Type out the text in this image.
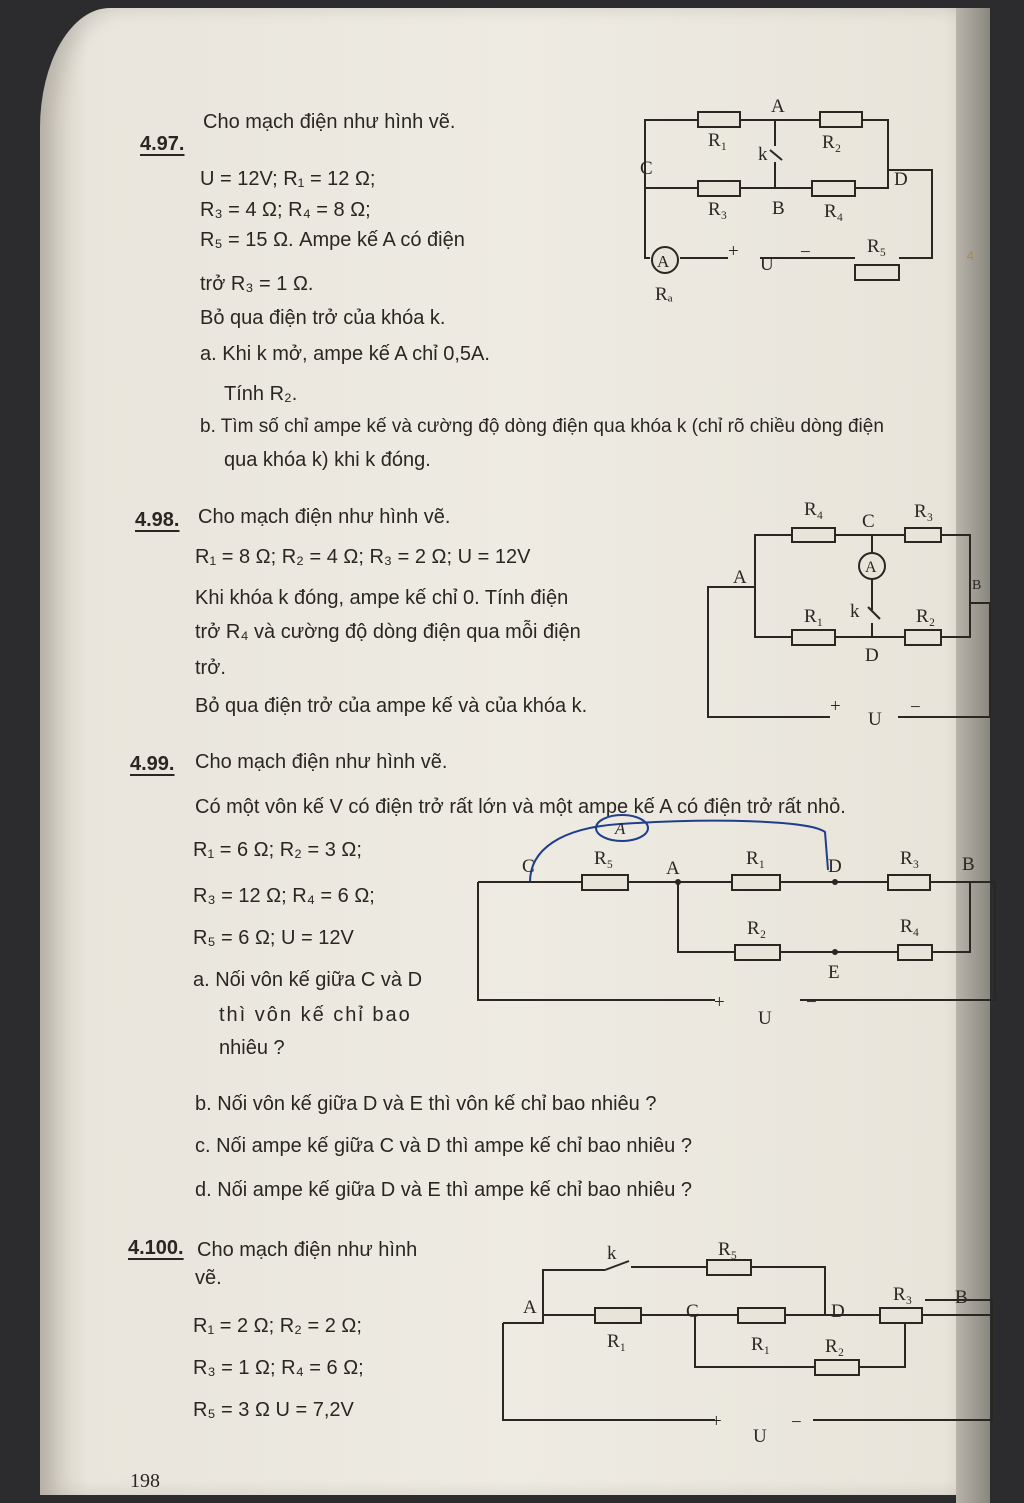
4
4.97.
Cho mạch điện như hình vẽ.
U = 12V; R₁ = 12 Ω;
R₃ = 4 Ω; R₄ = 8 Ω;
R₅ = 15 Ω. Ampe kế A có điện
trở R₃ = 1 Ω.
Bỏ qua điện trở của khóa k.
a. Khi k mở, ampe kế A chỉ 0,5A.
Tính R₂.
b. Tìm số chỉ ampe kế và cường độ dòng điện qua khóa k (chỉ rõ chiều dòng điện
qua khóa k) khi k đóng.
A
R₁
k
R₂
C
D
R₃ B R₄
R₅
A	+
U
−
Rₐ
4.98. Cho mạch điện như hình vẽ.
R₁ = 8 Ω; R₂ = 4 Ω; R₃ = 2 Ω; U = 12V
Khi khóa k đóng, ampe kế chỉ 0. Tính điện
trở R₄ và cường độ dòng điện qua mỗi điện
trở.
Bỏ qua điện trở của ampe kế và của khóa k.
R₄
C R₃
A	A
B
R₁ k	R₂
D
+
U
−
4.99. Cho mạch điện như hình vẽ.
Có một vôn kế V có điện trở rất lớn và một ampe kế A có điện trở rất nhỏ.
R₁ = 6 Ω; R₂ = 3 Ω;
R₃ = 12 Ω; R₄ = 6 Ω;
R₅ = 6 Ω; U = 12V
a. Nối vôn kế giữa C và D
thì vôn kế chỉ bao
nhiêu ?
b. Nối vôn kế giữa D và E thì vôn kế chỉ bao nhiêu ?
c. Nối ampe kế giữa C và D thì ampe kế chỉ bao nhiêu ?
d. Nối ampe kế giữa D và E thì ampe kế chỉ bao nhiêu ?
A
C	R₅	A	R₁	D	R₃ B
R₂	R₄
E
+
U
−
4.100. Cho mạch điện như hình
vẽ.
R₁ = 2 Ω; R₂ = 2 Ω;
R₃ = 1 Ω; R₄ = 6 Ω;
R₅ = 3 Ω U = 7,2V
k	R₅
A	C	D
R₃ B
R₁	R₁	R₂
+
U
−
198
